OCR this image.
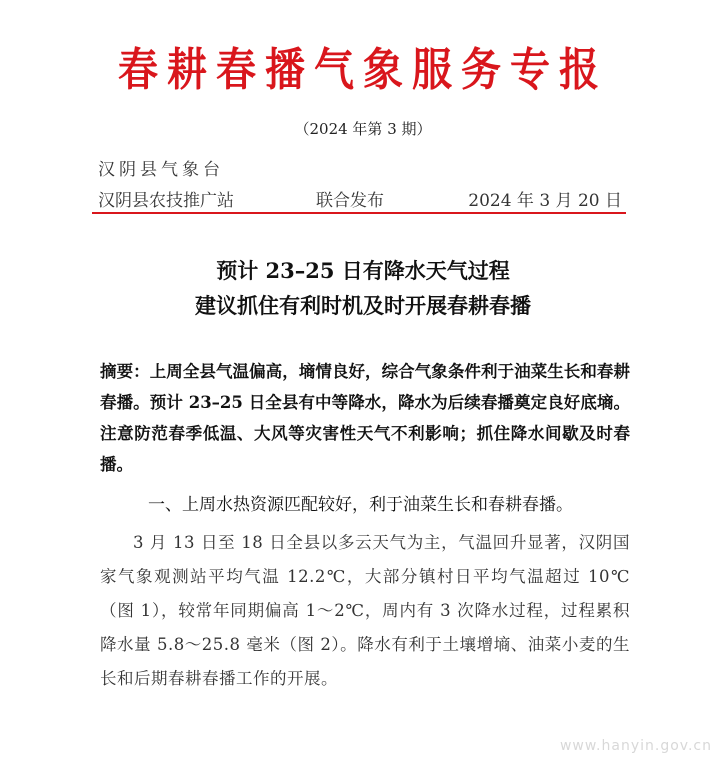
春耕春播气象服务专报
（2024 年第 3 期）
汉阴县气象台
汉阴县农技推广站	联合发布	2024 年 3 月 20 日
预计 23–25 日有降水天气过程
建议抓住有利时机及时开展春耕春播
摘要：上周全县气温偏高，墒情良好，综合气象条件利于油菜生长和春耕春播。预计 23–25 日全县有中等降水，降水为后续春播奠定良好底墒。注意防范春季低温、大风等灾害性天气不利影响；抓住降水间歇及时春播。
一、上周水热资源匹配较好，利于油菜生长和春耕春播。
3 月 13 日至 18 日全县以多云天气为主，气温回升显著，汉阴国家气象观测站平均气温 12.2℃，大部分镇村日平均气温超过 10℃（图 1），较常年同期偏高 1～2℃，周内有 3 次降水过程，过程累积降水量 5.8～25.8 毫米（图 2）。降水有利于土壤增墒、油菜小麦的生长和后期春耕春播工作的开展。
www.hanyin.gov.cn
